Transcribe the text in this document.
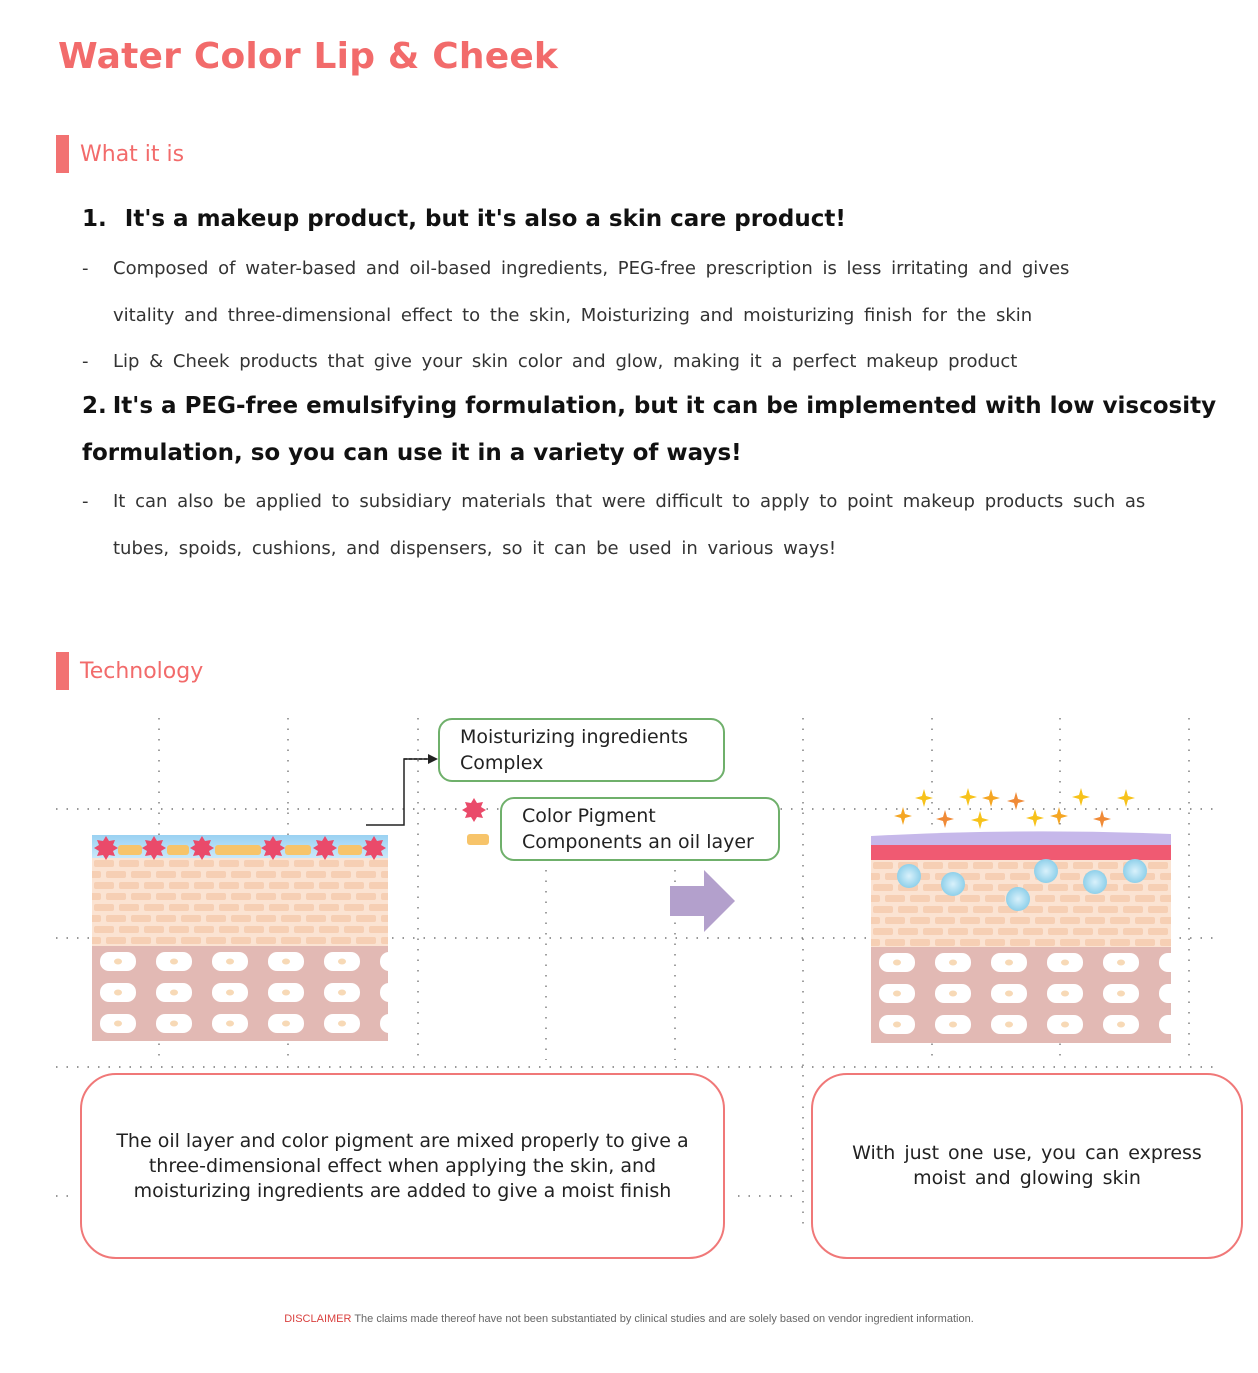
Water Color Lip & Cheek
What it is
1. It's a makeup product, but it's also a skin care product!
- Composed of water-based and oil-based ingredients, PEG-free prescription is less irritating and gives
vitality and three-dimensional effect to the skin, Moisturizing and moisturizing finish for the skin
- Lip & Cheek products that give your skin color and glow, making it a perfect makeup product
2. It's a PEG-free emulsifying formulation, but it can be implemented with low viscosity
formulation, so you can use it in a variety of ways!
- It can also be applied to subsidiary materials that were difficult to apply to point makeup products such as
tubes, spoids, cushions, and dispensers, so it can be used in various ways!
Technology
Moisturizing ingredients
Complex
Color Pigment
Components an oil layer
The oil layer and color pigment are mixed properly to give a
three-dimensional effect when applying the skin, and
moisturizing ingredients are added to give a moist finish
With just one use, you can express
moist and glowing skin
DISCLAIMER The claims made thereof have not been substantiated by clinical studies and are solely based on vendor ingredient information.
